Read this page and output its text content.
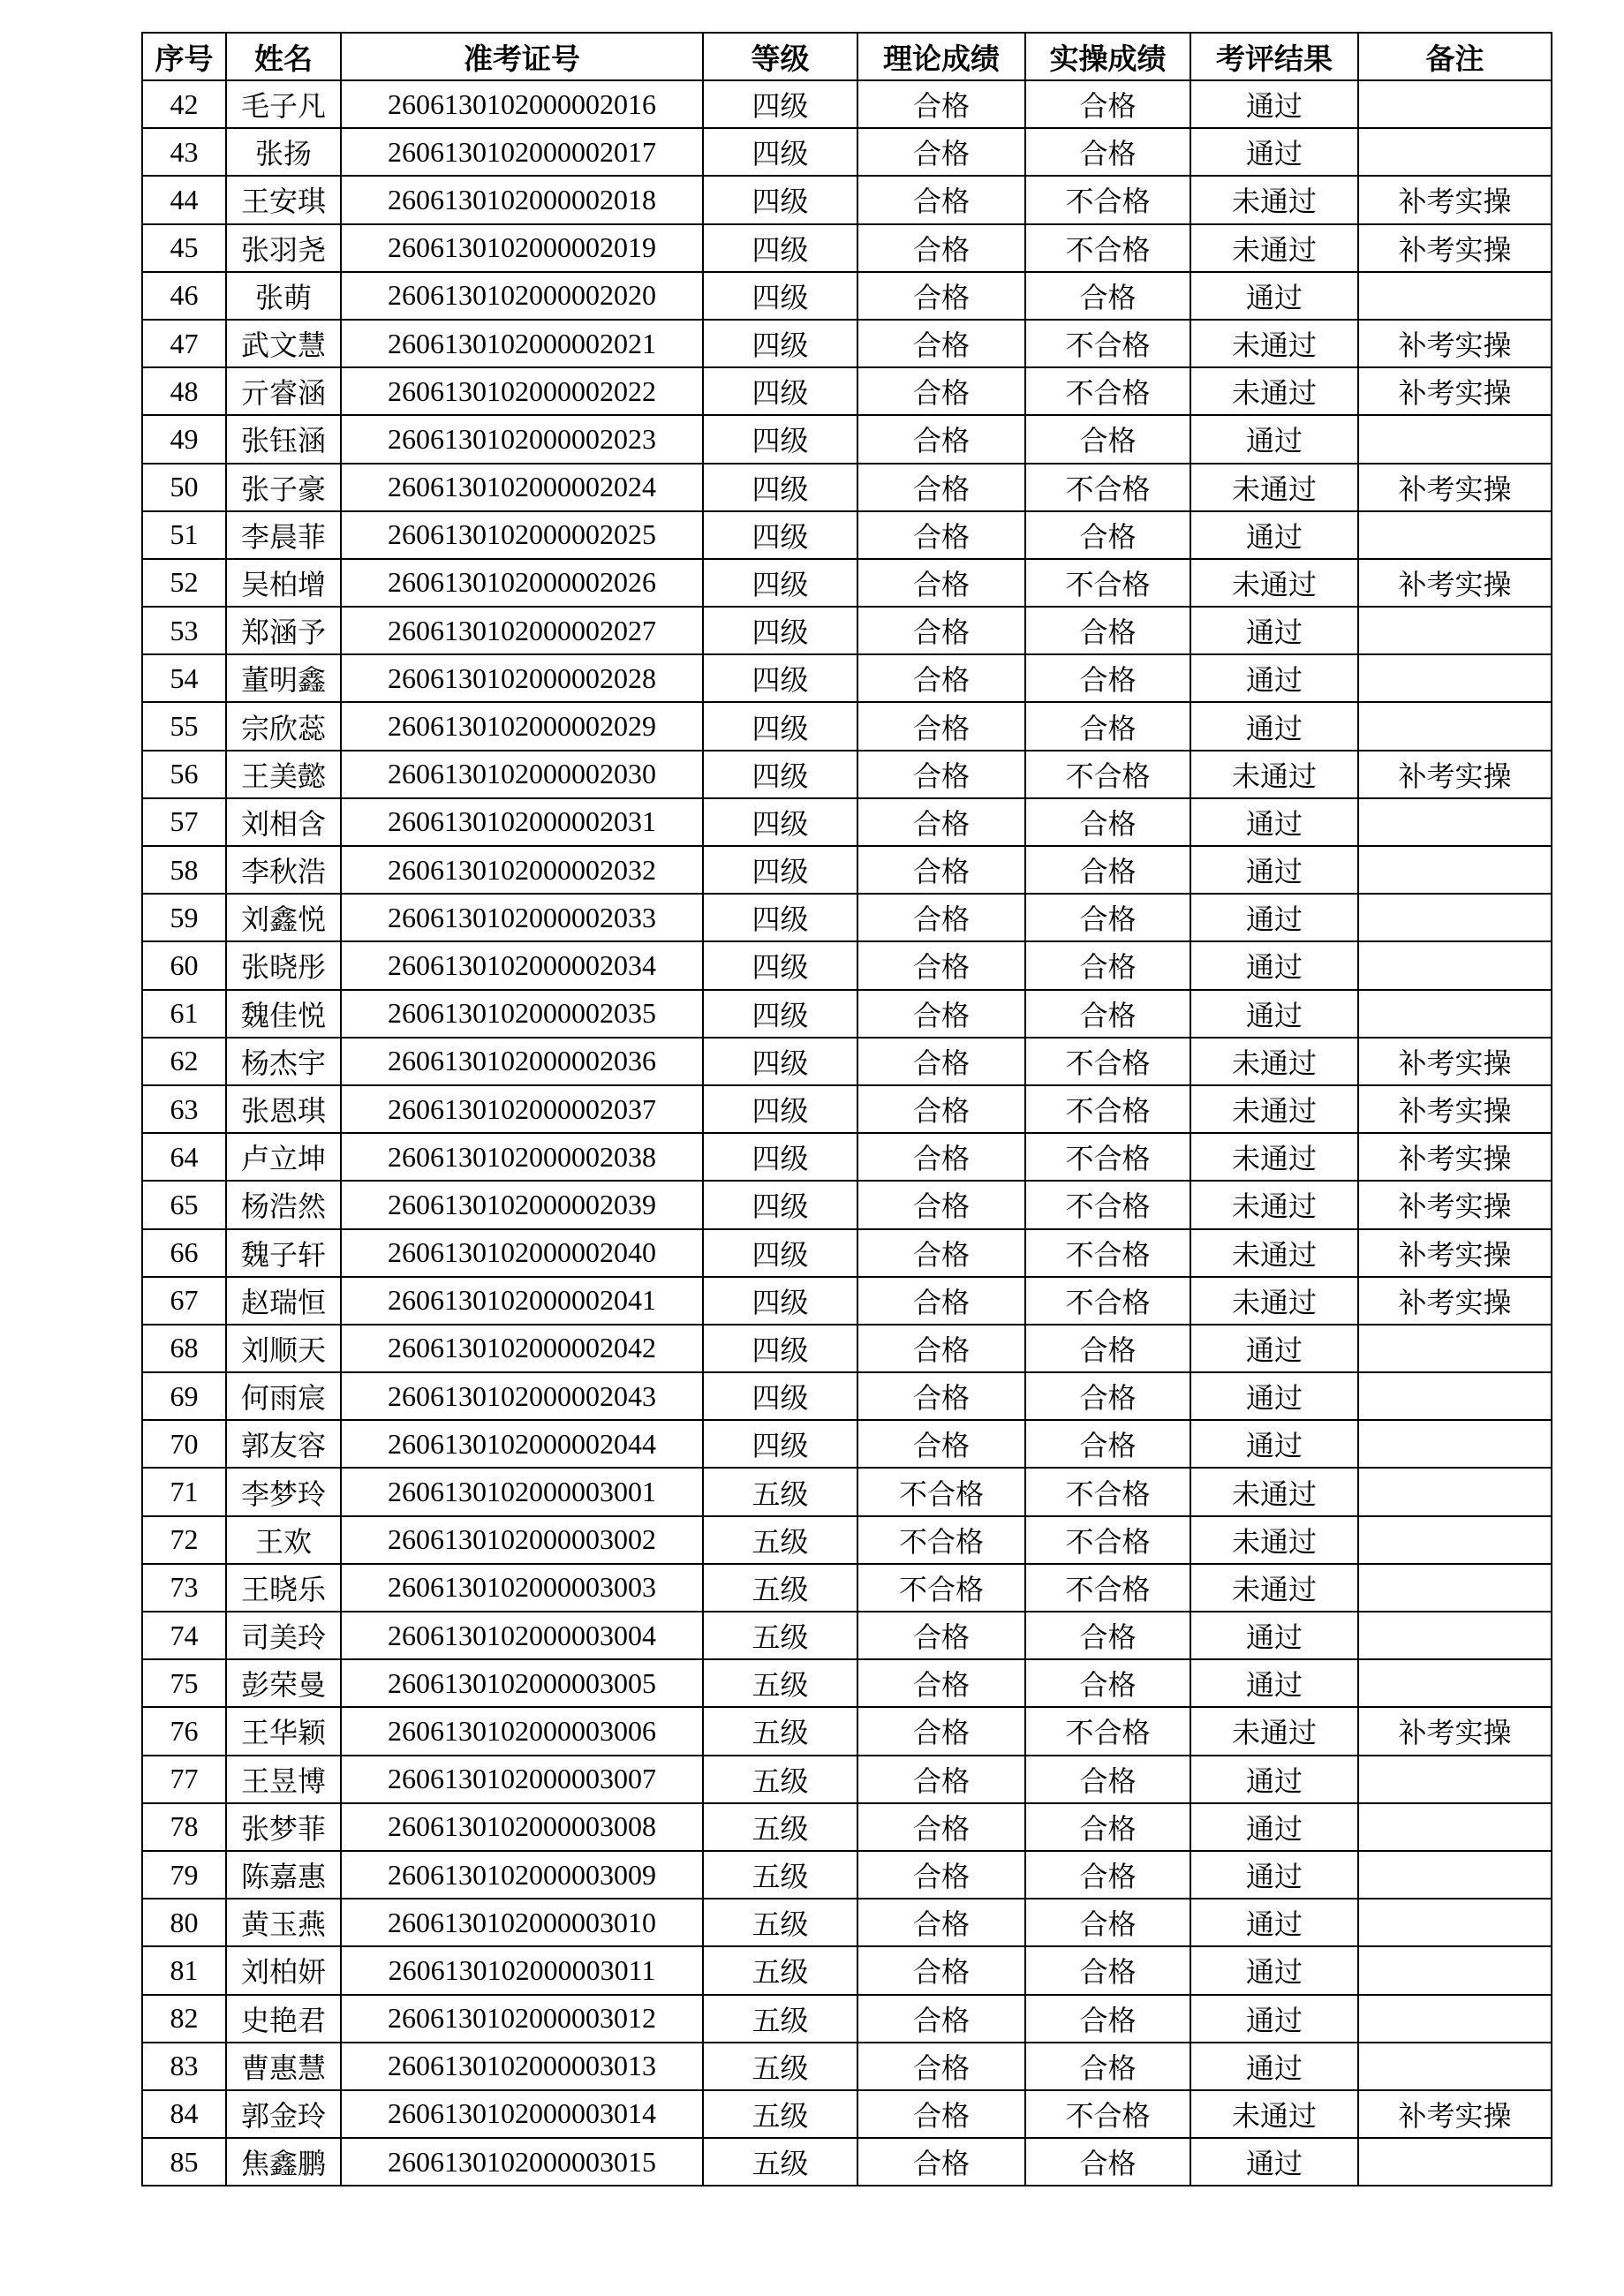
序号	姓名	准考证号	等级	理论成绩	实操成绩	考评结果	备注
42	毛子凡	2606130102000002016	四级	合格	合格	通过	
43	张扬	2606130102000002017	四级	合格	合格	通过	
44	王安琪	2606130102000002018	四级	合格	不合格	未通过	补考实操
45	张羽尧	2606130102000002019	四级	合格	不合格	未通过	补考实操
46	张萌	2606130102000002020	四级	合格	合格	通过	
47	武文慧	2606130102000002021	四级	合格	不合格	未通过	补考实操
48	亓睿涵	2606130102000002022	四级	合格	不合格	未通过	补考实操
49	张钰涵	2606130102000002023	四级	合格	合格	通过	
50	张子豪	2606130102000002024	四级	合格	不合格	未通过	补考实操
51	李晨菲	2606130102000002025	四级	合格	合格	通过	
52	吴柏增	2606130102000002026	四级	合格	不合格	未通过	补考实操
53	郑涵予	2606130102000002027	四级	合格	合格	通过	
54	董明鑫	2606130102000002028	四级	合格	合格	通过	
55	宗欣蕊	2606130102000002029	四级	合格	合格	通过	
56	王美懿	2606130102000002030	四级	合格	不合格	未通过	补考实操
57	刘相含	2606130102000002031	四级	合格	合格	通过	
58	李秋浩	2606130102000002032	四级	合格	合格	通过	
59	刘鑫悦	2606130102000002033	四级	合格	合格	通过	
60	张晓彤	2606130102000002034	四级	合格	合格	通过	
61	魏佳悦	2606130102000002035	四级	合格	合格	通过	
62	杨杰宇	2606130102000002036	四级	合格	不合格	未通过	补考实操
63	张恩琪	2606130102000002037	四级	合格	不合格	未通过	补考实操
64	卢立坤	2606130102000002038	四级	合格	不合格	未通过	补考实操
65	杨浩然	2606130102000002039	四级	合格	不合格	未通过	补考实操
66	魏子轩	2606130102000002040	四级	合格	不合格	未通过	补考实操
67	赵瑞恒	2606130102000002041	四级	合格	不合格	未通过	补考实操
68	刘顺天	2606130102000002042	四级	合格	合格	通过	
69	何雨宸	2606130102000002043	四级	合格	合格	通过	
70	郭友容	2606130102000002044	四级	合格	合格	通过	
71	李梦玲	2606130102000003001	五级	不合格	不合格	未通过	
72	王欢	2606130102000003002	五级	不合格	不合格	未通过	
73	王晓乐	2606130102000003003	五级	不合格	不合格	未通过	
74	司美玲	2606130102000003004	五级	合格	合格	通过	
75	彭荣曼	2606130102000003005	五级	合格	合格	通过	
76	王华颖	2606130102000003006	五级	合格	不合格	未通过	补考实操
77	王昱博	2606130102000003007	五级	合格	合格	通过	
78	张梦菲	2606130102000003008	五级	合格	合格	通过	
79	陈嘉惠	2606130102000003009	五级	合格	合格	通过	
80	黄玉燕	2606130102000003010	五级	合格	合格	通过	
81	刘柏妍	2606130102000003011	五级	合格	合格	通过	
82	史艳君	2606130102000003012	五级	合格	合格	通过	
83	曹惠慧	2606130102000003013	五级	合格	合格	通过	
84	郭金玲	2606130102000003014	五级	合格	不合格	未通过	补考实操
85	焦鑫鹏	2606130102000003015	五级	合格	合格	通过	
